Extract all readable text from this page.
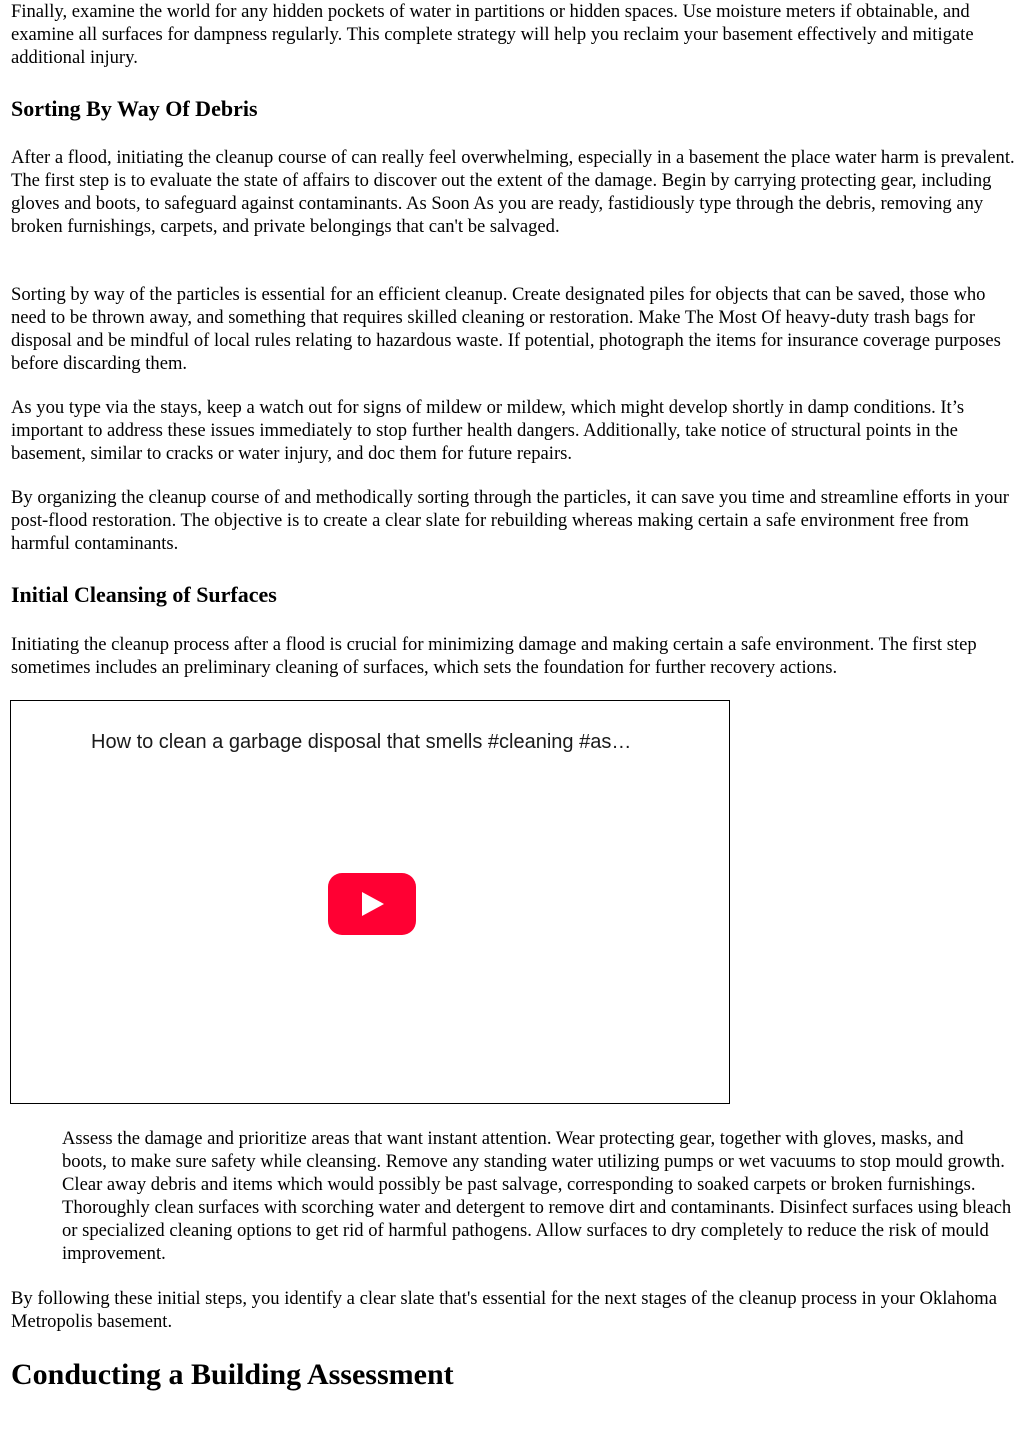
Finally, examine the world for any hidden pockets of water in partitions or hidden spaces. Use moisture meters if obtainable, and examine all surfaces for dampness regularly. This complete strategy will help you reclaim your basement effectively and mitigate additional injury.

Sorting By Way Of Debris

After a flood, initiating the cleanup course of can really feel overwhelming, especially in a basement the place water harm is prevalent. The first step is to evaluate the state of affairs to discover out the extent of the damage. Begin by carrying protecting gear, including gloves and boots, to safeguard against contaminants. As Soon As you are ready, fastidiously type through the debris, removing any broken furnishings, carpets, and private belongings that can't be salvaged.

Sorting by way of the particles is essential for an efficient cleanup. Create designated piles for objects that can be saved, those who need to be thrown away, and something that requires skilled cleaning or restoration. Make The Most Of heavy-duty trash bags for disposal and be mindful of local rules relating to hazardous waste. If potential, photograph the items for insurance coverage purposes before discarding them.

As you type via the stays, keep a watch out for signs of mildew or mildew, which might develop shortly in damp conditions. It’s important to address these issues immediately to stop further health dangers. Additionally, take notice of structural points in the basement, similar to cracks or water injury, and doc them for future repairs.

By organizing the cleanup course of and methodically sorting through the particles, it can save you time and streamline efforts in your post-flood restoration. The objective is to create a clear slate for rebuilding whereas making certain a safe environment free from harmful contaminants.

Initial Cleansing of Surfaces

Initiating the cleanup process after a flood is crucial for minimizing damage and making certain a safe environment. The first step sometimes includes an preliminary cleaning of surfaces, which sets the foundation for further recovery actions.

How to clean a garbage disposal that smells #cleaning #as…

Assess the damage and prioritize areas that want instant attention. Wear protecting gear, together with gloves, masks, and boots, to make sure safety while cleansing. Remove any standing water utilizing pumps or wet vacuums to stop mould growth. Clear away debris and items which would possibly be past salvage, corresponding to soaked carpets or broken furnishings. Thoroughly clean surfaces with scorching water and detergent to remove dirt and contaminants. Disinfect surfaces using bleach or specialized cleaning options to get rid of harmful pathogens. Allow surfaces to dry completely to reduce the risk of mould improvement.

By following these initial steps, you identify a clear slate that's essential for the next stages of the cleanup process in your Oklahoma Metropolis basement.

Conducting a Building Assessment
